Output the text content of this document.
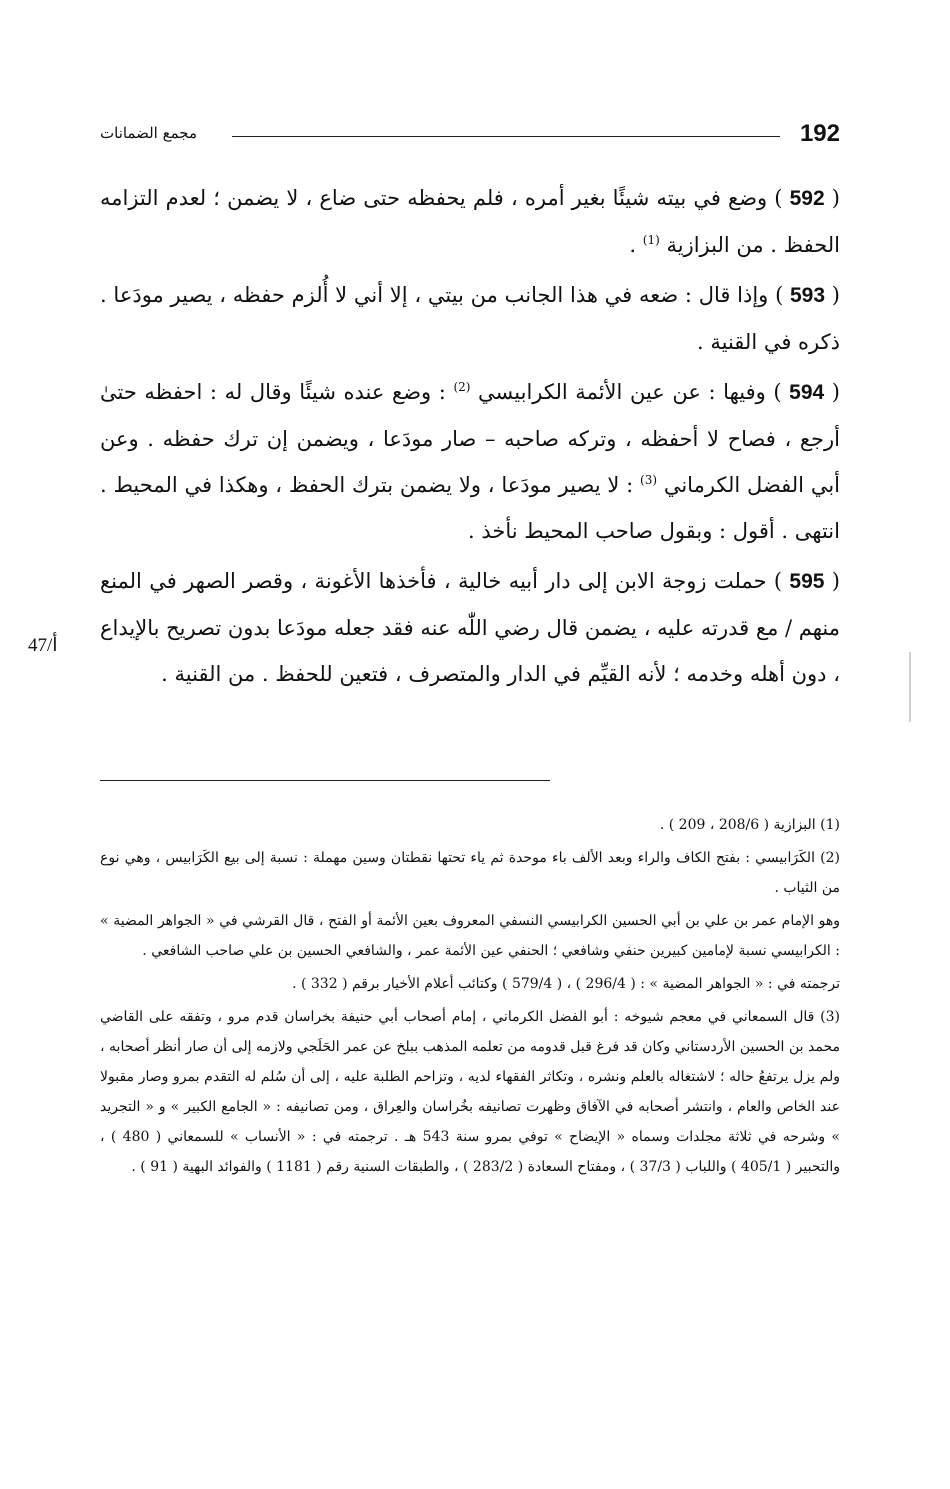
192
مجمع الضمانات

( 592 ) وضع في بيته شيئًا بغير أمره ، فلم يحفظه حتى ضاع ، لا يضمن ؛ لعدم التزامه الحفظ . من البزازية $^{(1)}$ .

( 593 ) وإذا قال : ضعه في هذا الجانب من بيتي ، إلا أني لا أُلزم حفظه ، يصير مودَعا . ذكره في القنية .

( 594 ) وفيها : عن عين الأئمة الكرابيسي $^{(2)}$ : وضع عنده شيئًا وقال له : احفظه حتىٰ أرجع ، فصاح لا أحفظه ، وتركه صاحبه – صار مودَعا ، ويضمن إن ترك حفظه . وعن أبي الفضل الكرماني $^{(3)}$ : لا يصير مودَعا ، ولا يضمن بترك الحفظ ، وهكذا في المحيط . انتهى . أقول : وبقول صاحب المحيط نأخذ .

( 595 ) حملت زوجة الابن إلى دار أبيه خالية ، فأخذها الأغونة ، وقصر الصهر في المنع منهم / مع قدرته عليه ، يضمن قال رضي اللّٰه عنه فقد جعله مودَعا بدون تصريح بالإيداع ، دون أهله وخدمه ؛ لأنه القيِّم في الدار والمتصرف ، فتعين للحفظ . من القنية .

47/أ

(1) البزازية ( 208/6 ، 209 ) .

(2) الكَرَابيسي : بفتح الكاف والراء وبعد الألف باء موحدة ثم ياء تحتها نقطتان وسين مهملة : نسبة إلى بيع الكَرَابيس ، وهي نوع من الثياب .

وهو الإمام عمر بن علي بن أبي الحسين الكرابيسي النسفي المعروف بعين الأئمة أو الفتح ، قال القرشي في « الجواهر المضية » : الكرابيسي نسبة لإمامين كبيرين حنفي وشافعي ؛ الحنفي عين الأئمة عمر ، والشافعي الحسين بن علي صاحب الشافعي .

ترجمته في : « الجواهر المضية » : ( 296/4 ) ، ( 579/4 ) وكتائب أعلام الأخيار برقم ( 332 ) .

(3) قال السمعاني في معجم شيوخه : أبو الفضل الكرماني ، إمام أصحاب أبي حنيفة بخراسان قدم مرو ، وتفقه على القاضي محمد بن الحسين الأردستاني وكان قد فرغ قبل قدومه من تعلمه المذهب ببلخ عن عمر الحَلَجي ولازمه إلى أن صار أنظر أصحابه ، ولم يزل يرتفعُ حاله ؛ لاشتغاله بالعلم ونشره ، وتكاثر الفقهاء لديه ، وتزاحم الطلبة عليه ، إلى أن سُلم له التقدم بمرو وصار مقبولا عند الخاص والعام ، وانتشر أصحابه في الآفاق وظهرت تصانيفه بخُراسان والعِراق ، ومن تصانيفه : « الجامع الكبير » و « التجريد » وشرحه في ثلاثة مجلدات وسماه « الإيضاح » توفي بمرو سنة 543 هـ . ترجمته في : « الأنساب » للسمعاني ( 480 ) ، والتحبير ( 405/1 ) واللباب ( 37/3 ) ، ومفتاح السعادة ( 283/2 ) ، والطبقات السنية رقم ( 1181 ) والفوائد البهية ( 91 ) .
